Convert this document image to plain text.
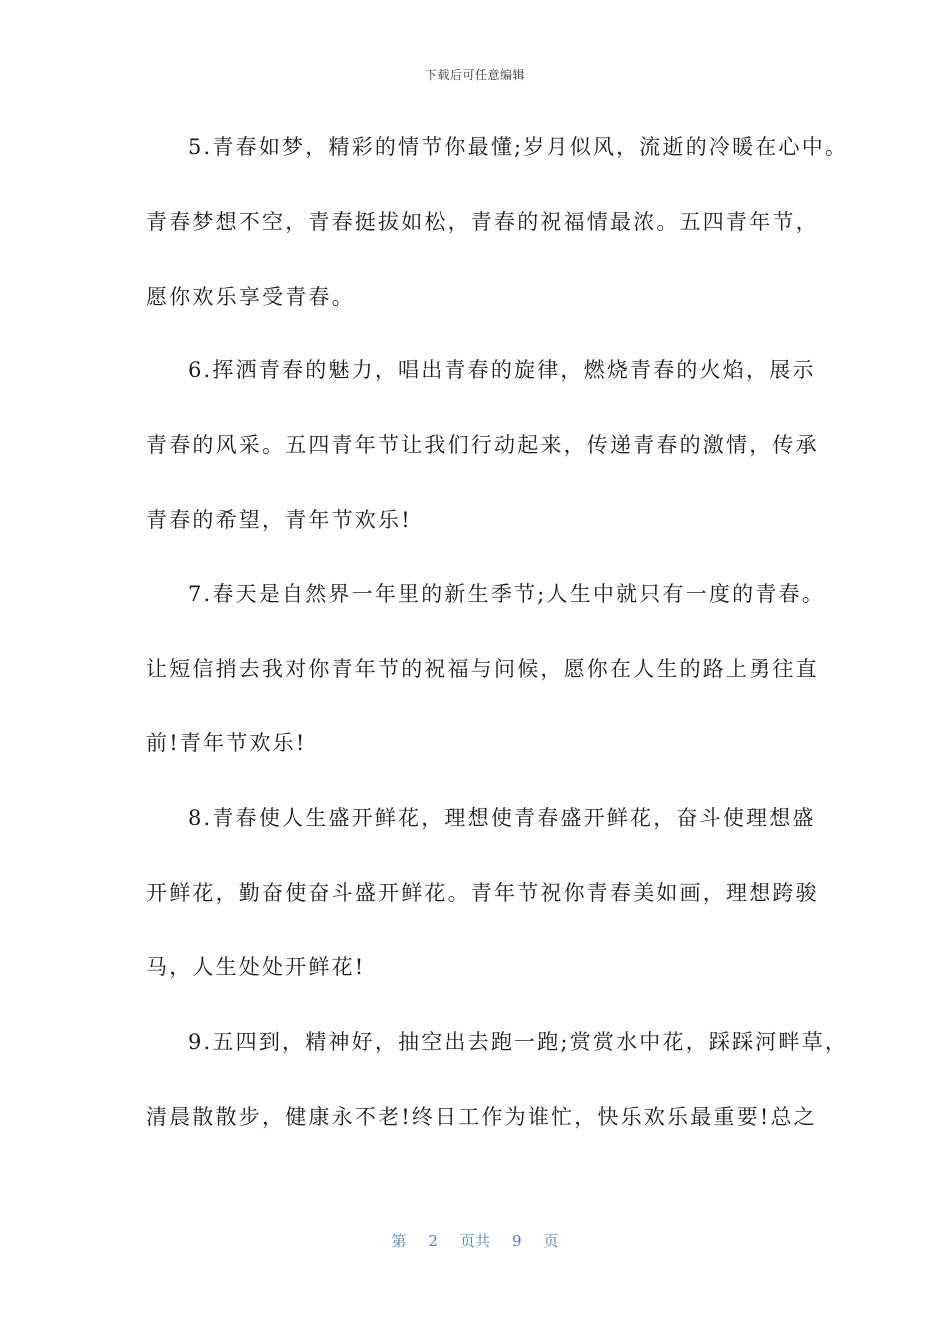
下载后可任意编辑
5.青春如梦，精彩的情节你最懂;岁月似风，流逝的冷暖在心中。
青春梦想不空，青春挺拔如松，青春的祝福情最浓。五四青年节，
愿你欢乐享受青春。
6.挥洒青春的魅力，唱出青春的旋律，燃烧青春的火焰，展示
青春的风采。五四青年节让我们行动起来，传递青春的激情，传承
青春的希望，青年节欢乐!
7.春天是自然界一年里的新生季节;人生中就只有一度的青春。
让短信捎去我对你青年节的祝福与问候，愿你在人生的路上勇往直
前!青年节欢乐!
8.青春使人生盛开鲜花，理想使青春盛开鲜花，奋斗使理想盛
开鲜花，勤奋使奋斗盛开鲜花。青年节祝你青春美如画，理想跨骏
马，人生处处开鲜花!
9.五四到，精神好，抽空出去跑一跑;赏赏水中花，踩踩河畔草，
清晨散散步，健康永不老!终日工作为谁忙，快乐欢乐最重要!总之
第 2 页共 9 页
